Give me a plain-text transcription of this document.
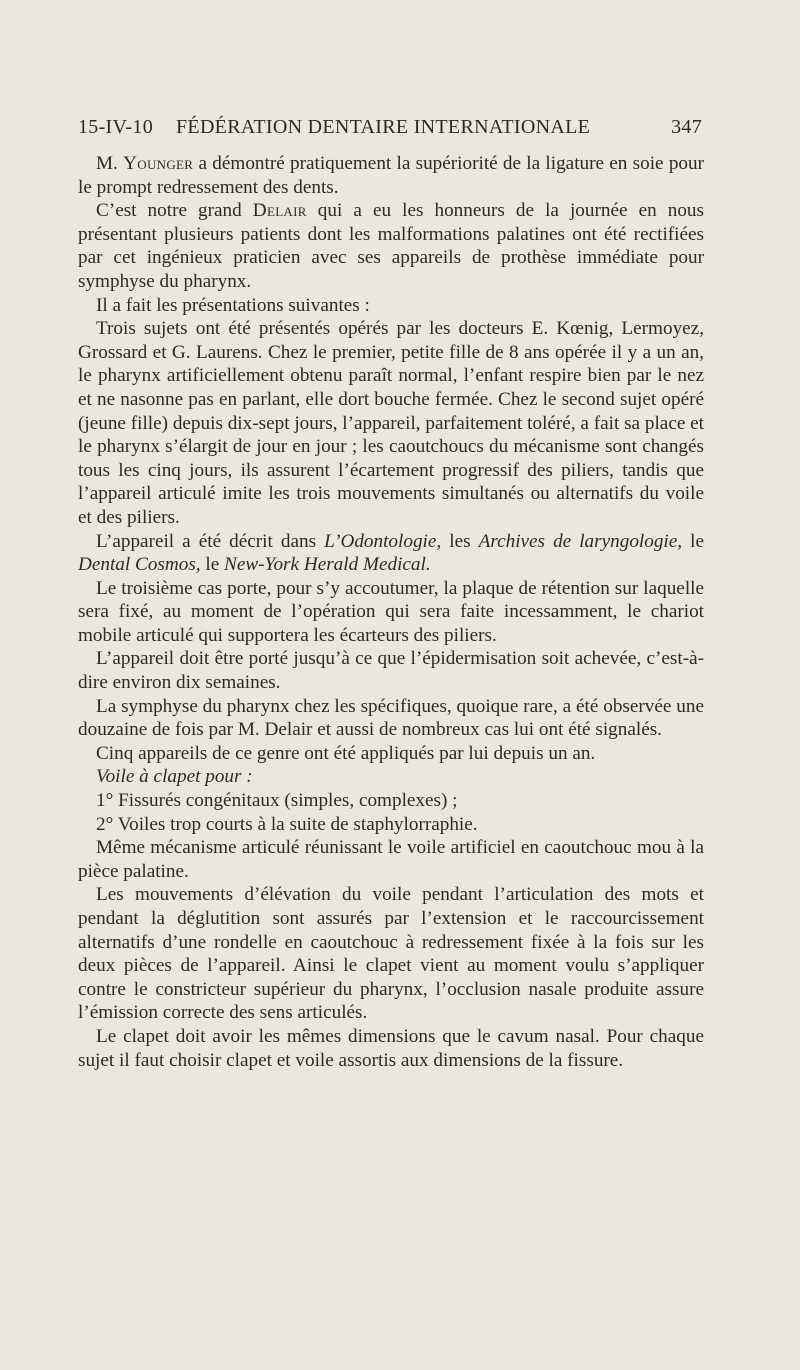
15-IV-10 FÉDÉRATION DENTAIRE INTERNATIONALE	347

M. Younger a démontré pratiquement la supériorité de la ligature en soie pour le prompt redressement des dents.

C’est notre grand Delair qui a eu les honneurs de la journée en nous présentant plusieurs patients dont les malformations palatines ont été rectifiées par cet ingénieux praticien avec ses appareils de prothèse immédiate pour symphyse du pharynx.

Il a fait les présentations suivantes :

Trois sujets ont été présentés opérés par les docteurs E. Kœnig, Lermoyez, Grossard et G. Laurens. Chez le premier, petite fille de 8 ans opérée il y a un an, le pharynx artificiellement obtenu paraît normal, l’enfant respire bien par le nez et ne nasonne pas en parlant, elle dort bouche fermée. Chez le second sujet opéré (jeune fille) depuis dix-sept jours, l’appareil, parfaitement toléré, a fait sa place et le pharynx s’élargit de jour en jour ; les caoutchoucs du mécanisme sont changés tous les cinq jours, ils assurent l’écartement progressif des piliers, tandis que l’appareil articulé imite les trois mouvements simultanés ou alternatifs du voile et des piliers.

L’appareil a été décrit dans L’Odontologie, les Archives de laryngologie, le Dental Cosmos, le New-York Herald Medical.

Le troisième cas porte, pour s’y accoutumer, la plaque de rétention sur laquelle sera fixé, au moment de l’opération qui sera faite incessamment, le chariot mobile articulé qui supportera les écarteurs des piliers.

L’appareil doit être porté jusqu’à ce que l’épidermisation soit achevée, c’est-à-dire environ dix semaines.

La symphyse du pharynx chez les spécifiques, quoique rare, a été observée une douzaine de fois par M. Delair et aussi de nombreux cas lui ont été signalés.

Cinq appareils de ce genre ont été appliqués par lui depuis un an.

Voile à clapet pour :

1° Fissurés congénitaux (simples, complexes) ;

2° Voiles trop courts à la suite de staphylorraphie.

Même mécanisme articulé réunissant le voile artificiel en caoutchouc mou à la pièce palatine.

Les mouvements d’élévation du voile pendant l’articulation des mots et pendant la déglutition sont assurés par l’extension et le raccourcissement alternatifs d’une rondelle en caoutchouc à redressement fixée à la fois sur les deux pièces de l’appareil. Ainsi le clapet vient au moment voulu s’appliquer contre le constricteur supérieur du pharynx, l’occlusion nasale produite assure l’émission correcte des sens articulés.

Le clapet doit avoir les mêmes dimensions que le cavum nasal. Pour chaque sujet il faut choisir clapet et voile assortis aux dimensions de la fissure.
